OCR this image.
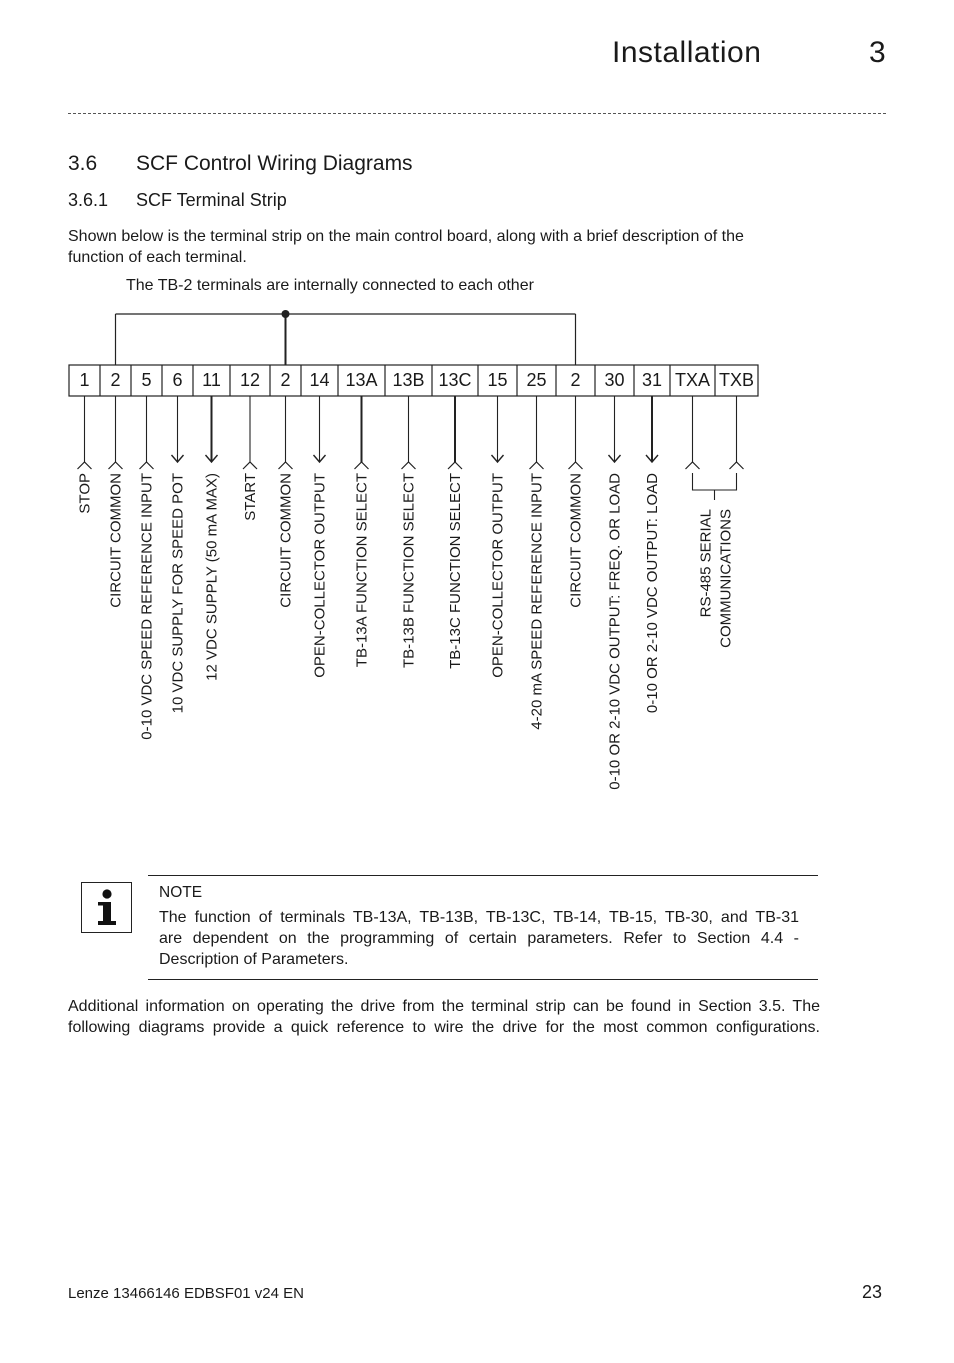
Installation	3
3.6 SCF Control Wiring Diagrams
3.6.1 SCF Terminal Strip
Shown below is the terminal strip on the main control board, along with a brief description of the
function of each terminal.
The TB-2 terminals are internally connected to each other
1 2 5 6 11 12 2 14 13A 13B 13C 15 25 2 30 31 TXA TXB
STOP CIRCUIT COMMON 0-10 VDC SPEED REFERENCE INPUT 10 VDC SUPPLY FOR SPEED POT 12 VDC SUPPLY (50 mA MAX) START CIRCUIT COMMON OPEN-COLLECTOR OUTPUT TB-13A FUNCTION SELECT TB-13B FUNCTION SELECT TB-13C FUNCTION SELECT OPEN-COLLECTOR OUTPUT 4-20 mA SPEED REFERENCE INPUT CIRCUIT COMMON 0-10 OR 2-10 VDC OUTPUT: FREQ. OR LOAD 0-10 OR 2-10 VDC OUTPUT: LOAD RS-485 SERIAL COMMUNICATIONS
NOTE
The function of terminals TB-13A, TB-13B, TB-13C, TB-14, TB-15, TB-30, and TB-31
are dependent on the programming of certain parameters. Refer to Section 4.4 -
Description of Parameters.
Additional information on operating the drive from the terminal strip can be found in Section 3.5. The
following diagrams provide a quick reference to wire the drive for the most common configurations.
Lenze 13466146 EDBSF01 v24 EN	23
